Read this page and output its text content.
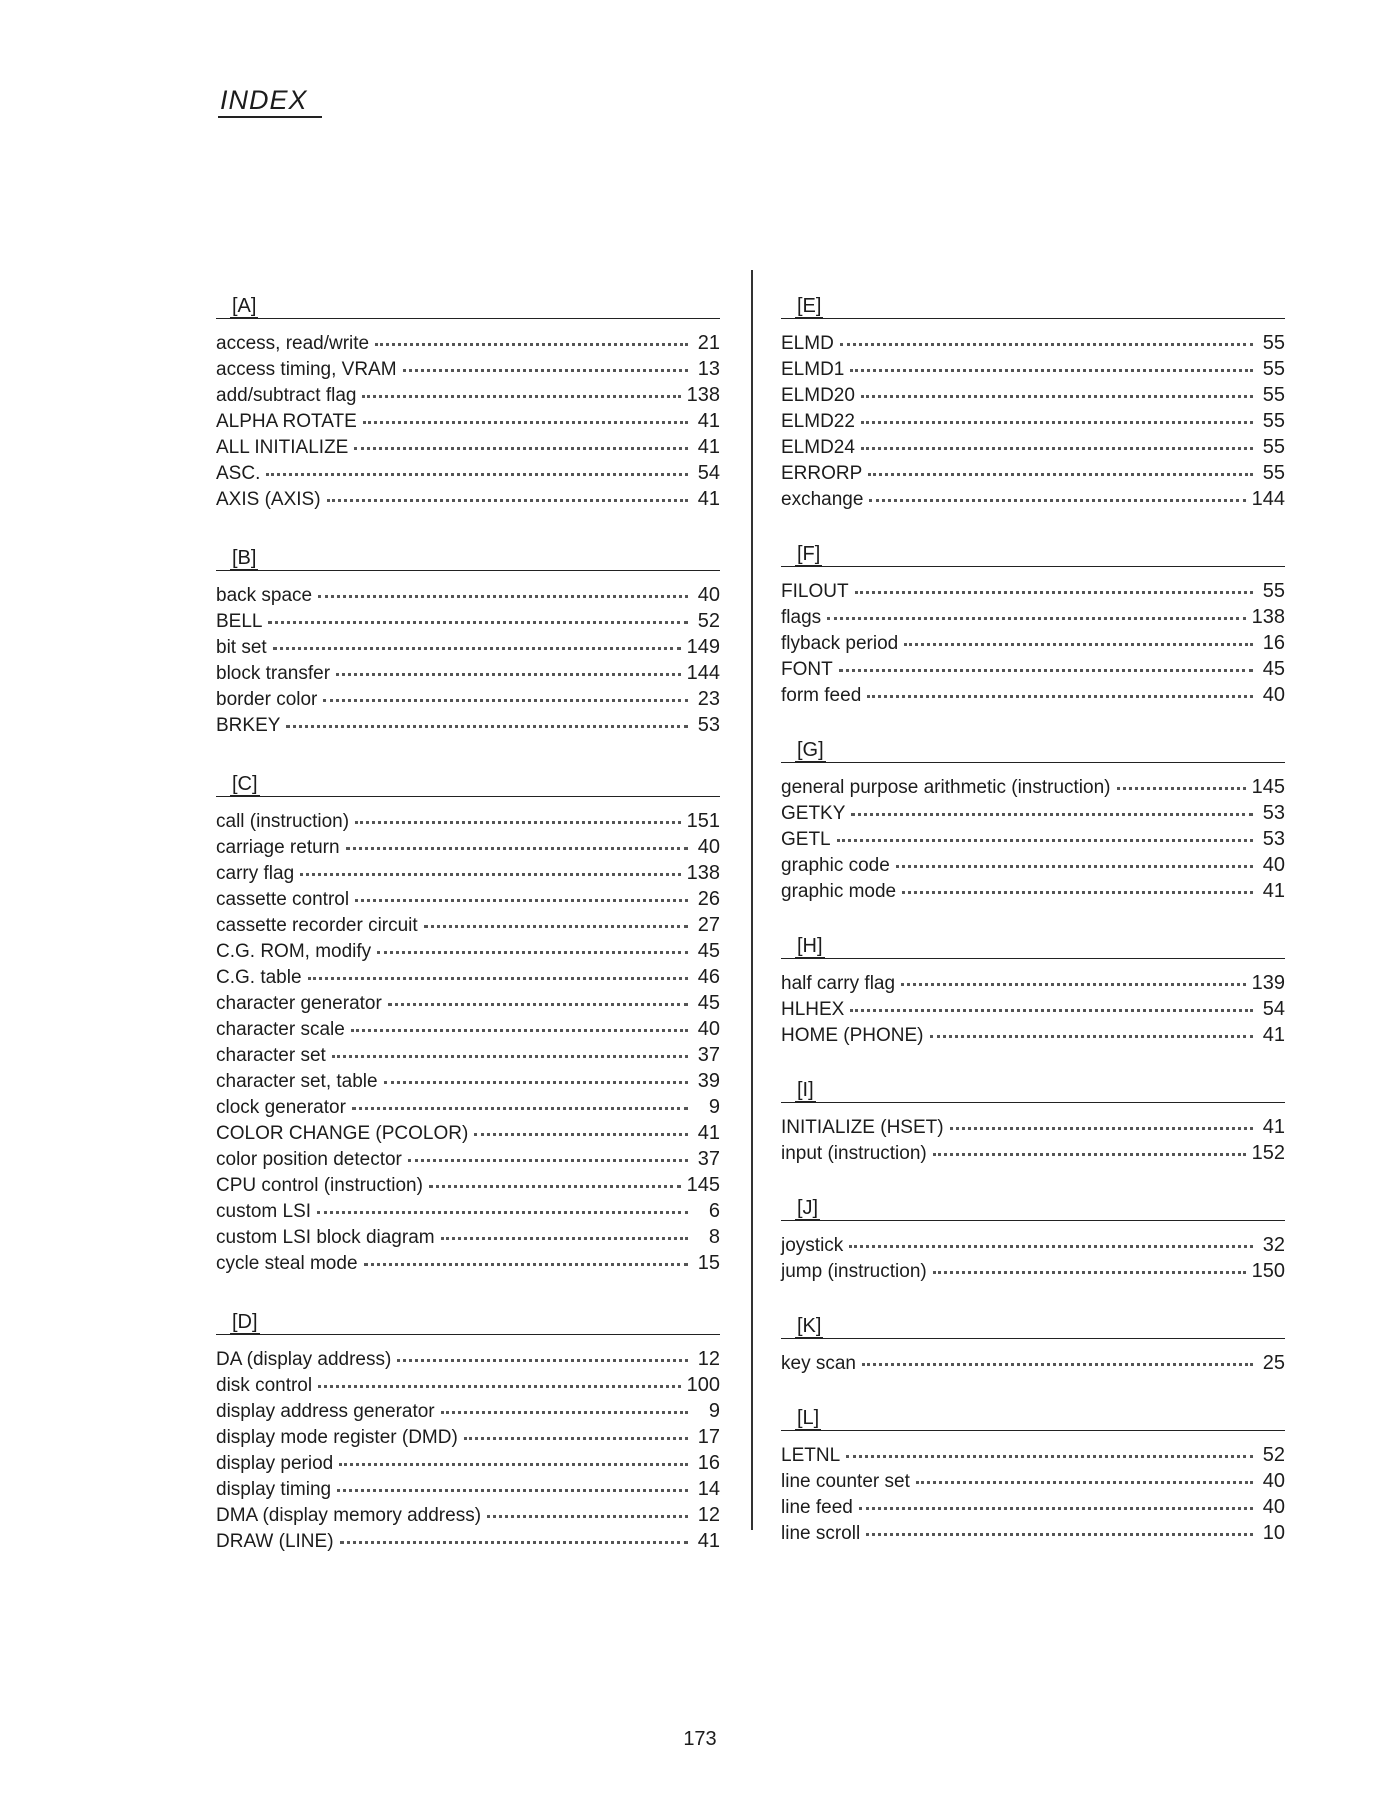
INDEX
[A]
access, read/write	21
access timing, VRAM	13
add/subtract flag	138
ALPHA ROTATE	41
ALL INITIALIZE	41
ASC.	54
AXIS (AXIS)	41
[B]
back space	40
BELL	52
bit set	149
block transfer	144
border color	23
BRKEY	53
[C]
call (instruction)	151
carriage return	40
carry flag	138
cassette control	26
cassette recorder circuit	27
C.G. ROM, modify	45
C.G. table	46
character generator	45
character scale	40
character set	37
character set, table	39
clock generator	9
COLOR CHANGE (PCOLOR)	41
color position detector	37
CPU control (instruction)	145
custom LSI	6
custom LSI block diagram	8
cycle steal mode	15
[D]
DA (display address)	12
disk control	100
display address generator	9
display mode register (DMD)	17
display period	16
display timing	14
DMA (display memory address)	12
DRAW (LINE)	41
[E]
ELMD	55
ELMD1	55
ELMD20	55
ELMD22	55
ELMD24	55
ERRORP	55
exchange	144
[F]
FILOUT	55
flags	138
flyback period	16
FONT	45
form feed	40
[G]
general purpose arithmetic (instruction)	145
GETKY	53
GETL	53
graphic code	40
graphic mode	41
[H]
half carry flag	139
HLHEX	54
HOME (PHONE)	41
[I]
INITIALIZE (HSET)	41
input (instruction)	152
[J]
joystick	32
jump (instruction)	150
[K]
key scan	25
[L]
LETNL	52
line counter set	40
line feed	40
line scroll	10
173
